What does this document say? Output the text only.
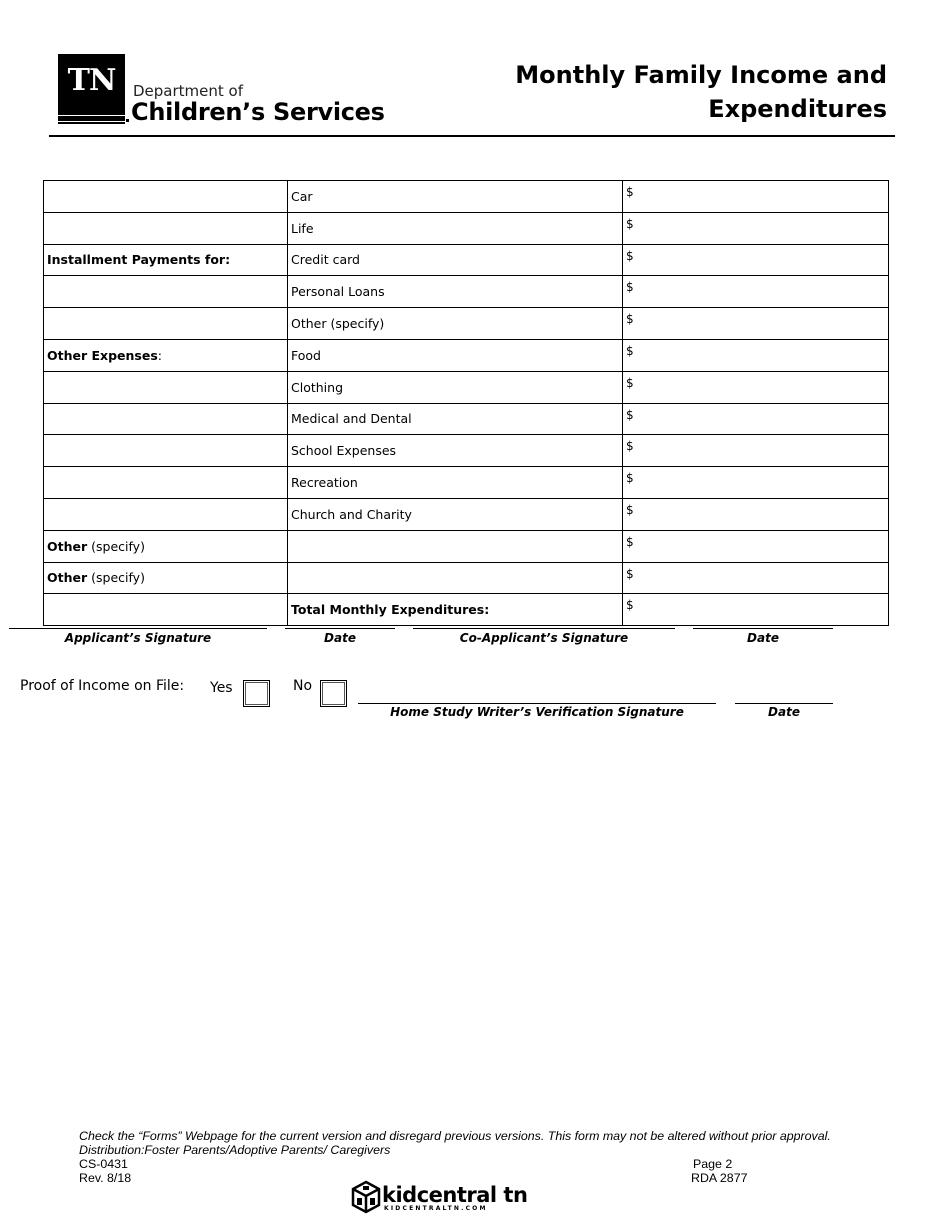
TN	Department of
Children’s Services
Monthly Family Income and
Expenditures
	Car	$
	Life	$
Installment Payments for:	Credit card	$
	Personal Loans	$
	Other (specify)	$
Other Expenses:	Food	$
	Clothing	$
	Medical and Dental	$
	School Expenses	$
	Recreation	$
	Church and Charity	$
Other (specify)		$
Other (specify)		$
	Total Monthly Expenditures:	$
Applicant’s Signature	Date	Co-Applicant’s Signature	Date
Proof of Income on File: Yes	No
Home Study Writer’s Verification Signature	Date
Check the “Forms” Webpage for the current version and disregard previous versions. This form may not be altered without prior approval.
Distribution:Foster Parents/Adoptive Parents/ Caregivers
CS-0431
Rev. 8/18
Page 2
RDA 2877
kidcentral tn
KIDCENTRALTN.COM
